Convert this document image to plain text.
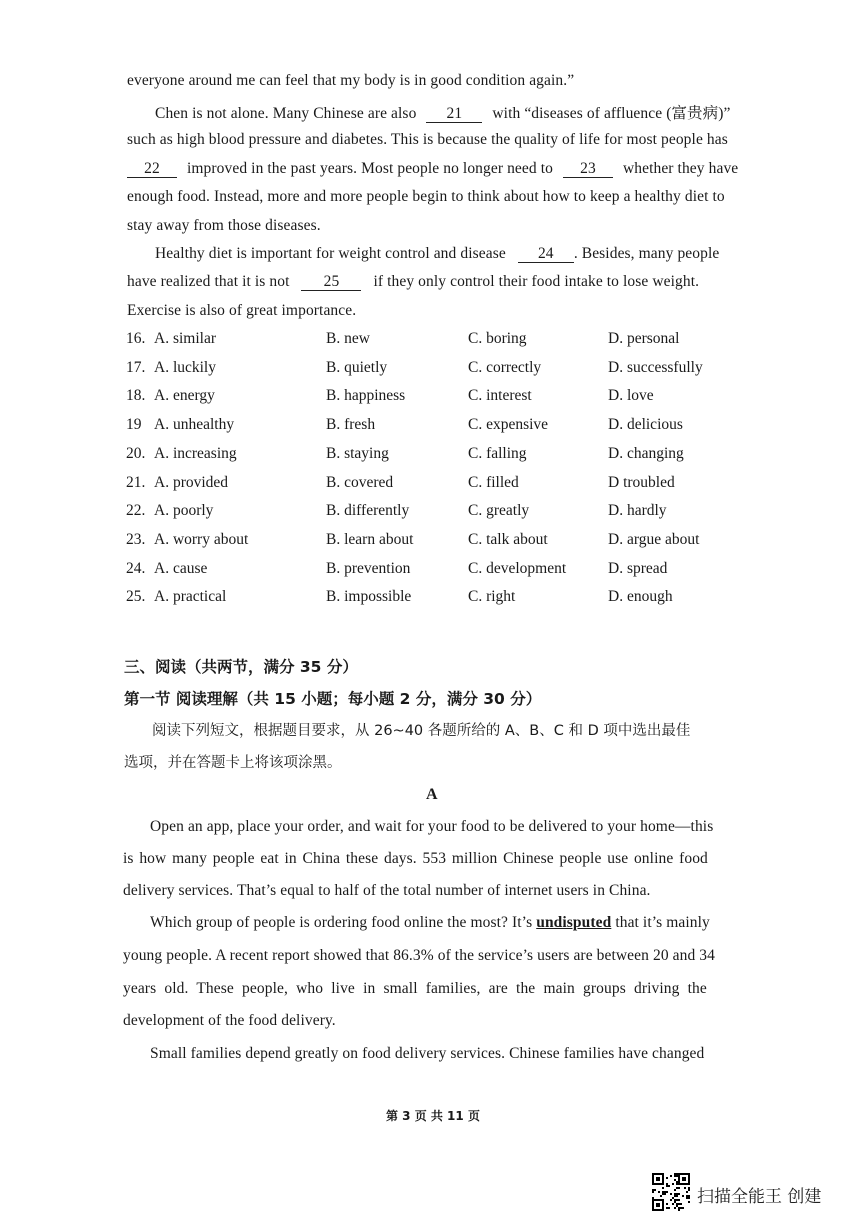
everyone around me can feel that my body is in good condition again.”
Chen is not alone. Many Chinese are also 21 with “diseases of affluence (富贵病)”
such as high blood pressure and diabetes. This is because the quality of life for most people has
22 improved in the past years. Most people no longer need to 23 whether they have
enough food. Instead, more and more people begin to think about how to keep a healthy diet to
stay away from those diseases.
Healthy diet is important for weight control and disease 24 . Besides, many people
have realized that it is not 25 if they only control their food intake to lose weight.
Exercise is also of great importance.
16. A. similar	B. new	C. boring	D. personal
17. A. luckily	B. quietly	C. correctly	D. successfully
18. A. energy	B. happiness	C. interest	D. love
19 A. unhealthy	B. fresh	C. expensive	D. delicious
20. A. increasing	B. staying	C. falling	D. changing
21. A. provided	B. covered	C. filled	D troubled
22. A. poorly	B. differently	C. greatly	D. hardly
23. A. worry about	B. learn about	C. talk about	D. argue about
24. A. cause	B. prevention	C. development	D. spread
25. A. practical	B. impossible	C. right	D. enough
三、阅读（共两节，满分 35 分）
第一节 阅读理解（共 15 小题；每小题 2 分，满分 30 分）
阅读下列短文，根据题目要求，从 26~40 各题所给的 A、B、C 和 D 项中选出最佳
选项，并在答题卡上将该项涂黑。
A
Open an app, place your order, and wait for your food to be delivered to your home—this
is how many people eat in China these days. 553 million Chinese people use online food
delivery services. That’s equal to half of the total number of internet users in China.
Which group of people is ordering food online the most? It’s undisputed that it’s mainly
young people. A recent report showed that 86.3% of the service’s users are between 20 and 34
years old. These people, who live in small families, are the main groups driving the
development of the food delivery.
Small families depend greatly on food delivery services. Chinese families have changed
第 3 页 共 11 页
扫描全能王 创建
